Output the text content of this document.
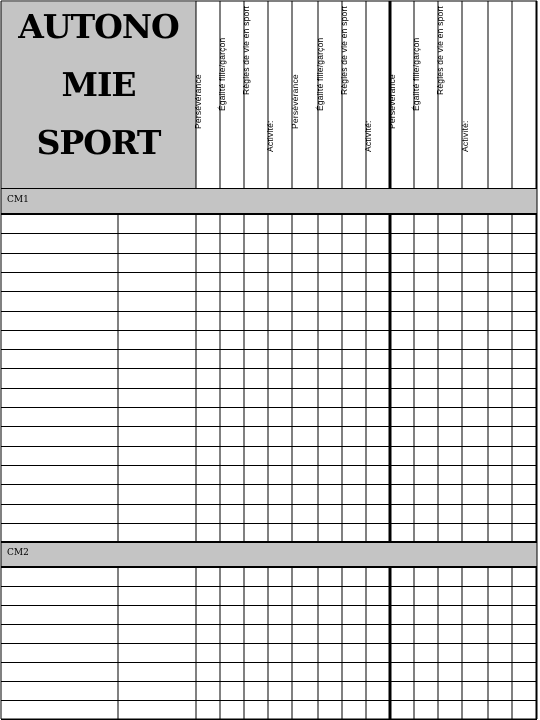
AUTONO
MIE
SPORT
Persévérance Égalité fille/garçon Règles de vie en sport
Activité:
Persévérance Égalité fille/garçon Règles de vie en sport
Activité:
Persévérance Égalité fille/garçon Règles de vie en sport
Activité:
CM1
CM2
